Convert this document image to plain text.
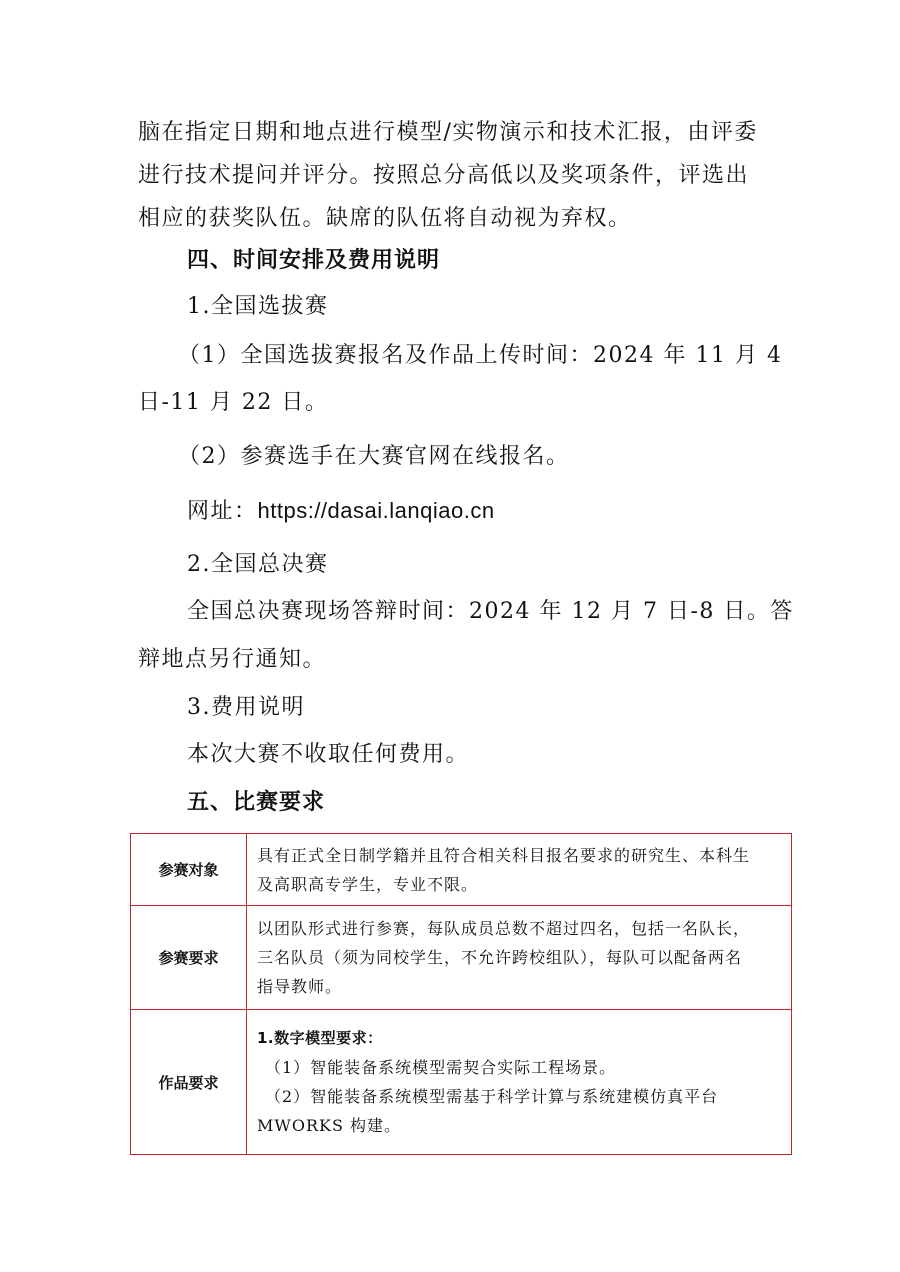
脑在指定日期和地点进行模型/实物演示和技术汇报，由评委
进行技术提问并评分。按照总分高低以及奖项条件，评选出
相应的获奖队伍。缺席的队伍将自动视为弃权。
四、时间安排及费用说明
1.全国选拔赛
（1）全国选拔赛报名及作品上传时间：2024 年 11 月 4
日-11 月 22 日。
（2）参赛选手在大赛官网在线报名。
网址：https://dasai.lanqiao.cn
2.全国总决赛
全国总决赛现场答辩时间：2024 年 12 月 7 日-8 日。答
辩地点另行通知。
3.费用说明
本次大赛不收取任何费用。
五、比赛要求
参赛对象	具有正式全日制学籍并且符合相关科目报名要求的研究生、本科生
及高职高专学生，专业不限。

参赛要求	以团队形式进行参赛，每队成员总数不超过四名，包括一名队长，
三名队员（须为同校学生，不允许跨校组队），每队可以配备两名
指导教师。

作品要求	1.数字模型要求：
（1）智能装备系统模型需契合实际工程场景。
（2）智能装备系统模型需基于科学计算与系统建模仿真平台
MWORKS 构建。
